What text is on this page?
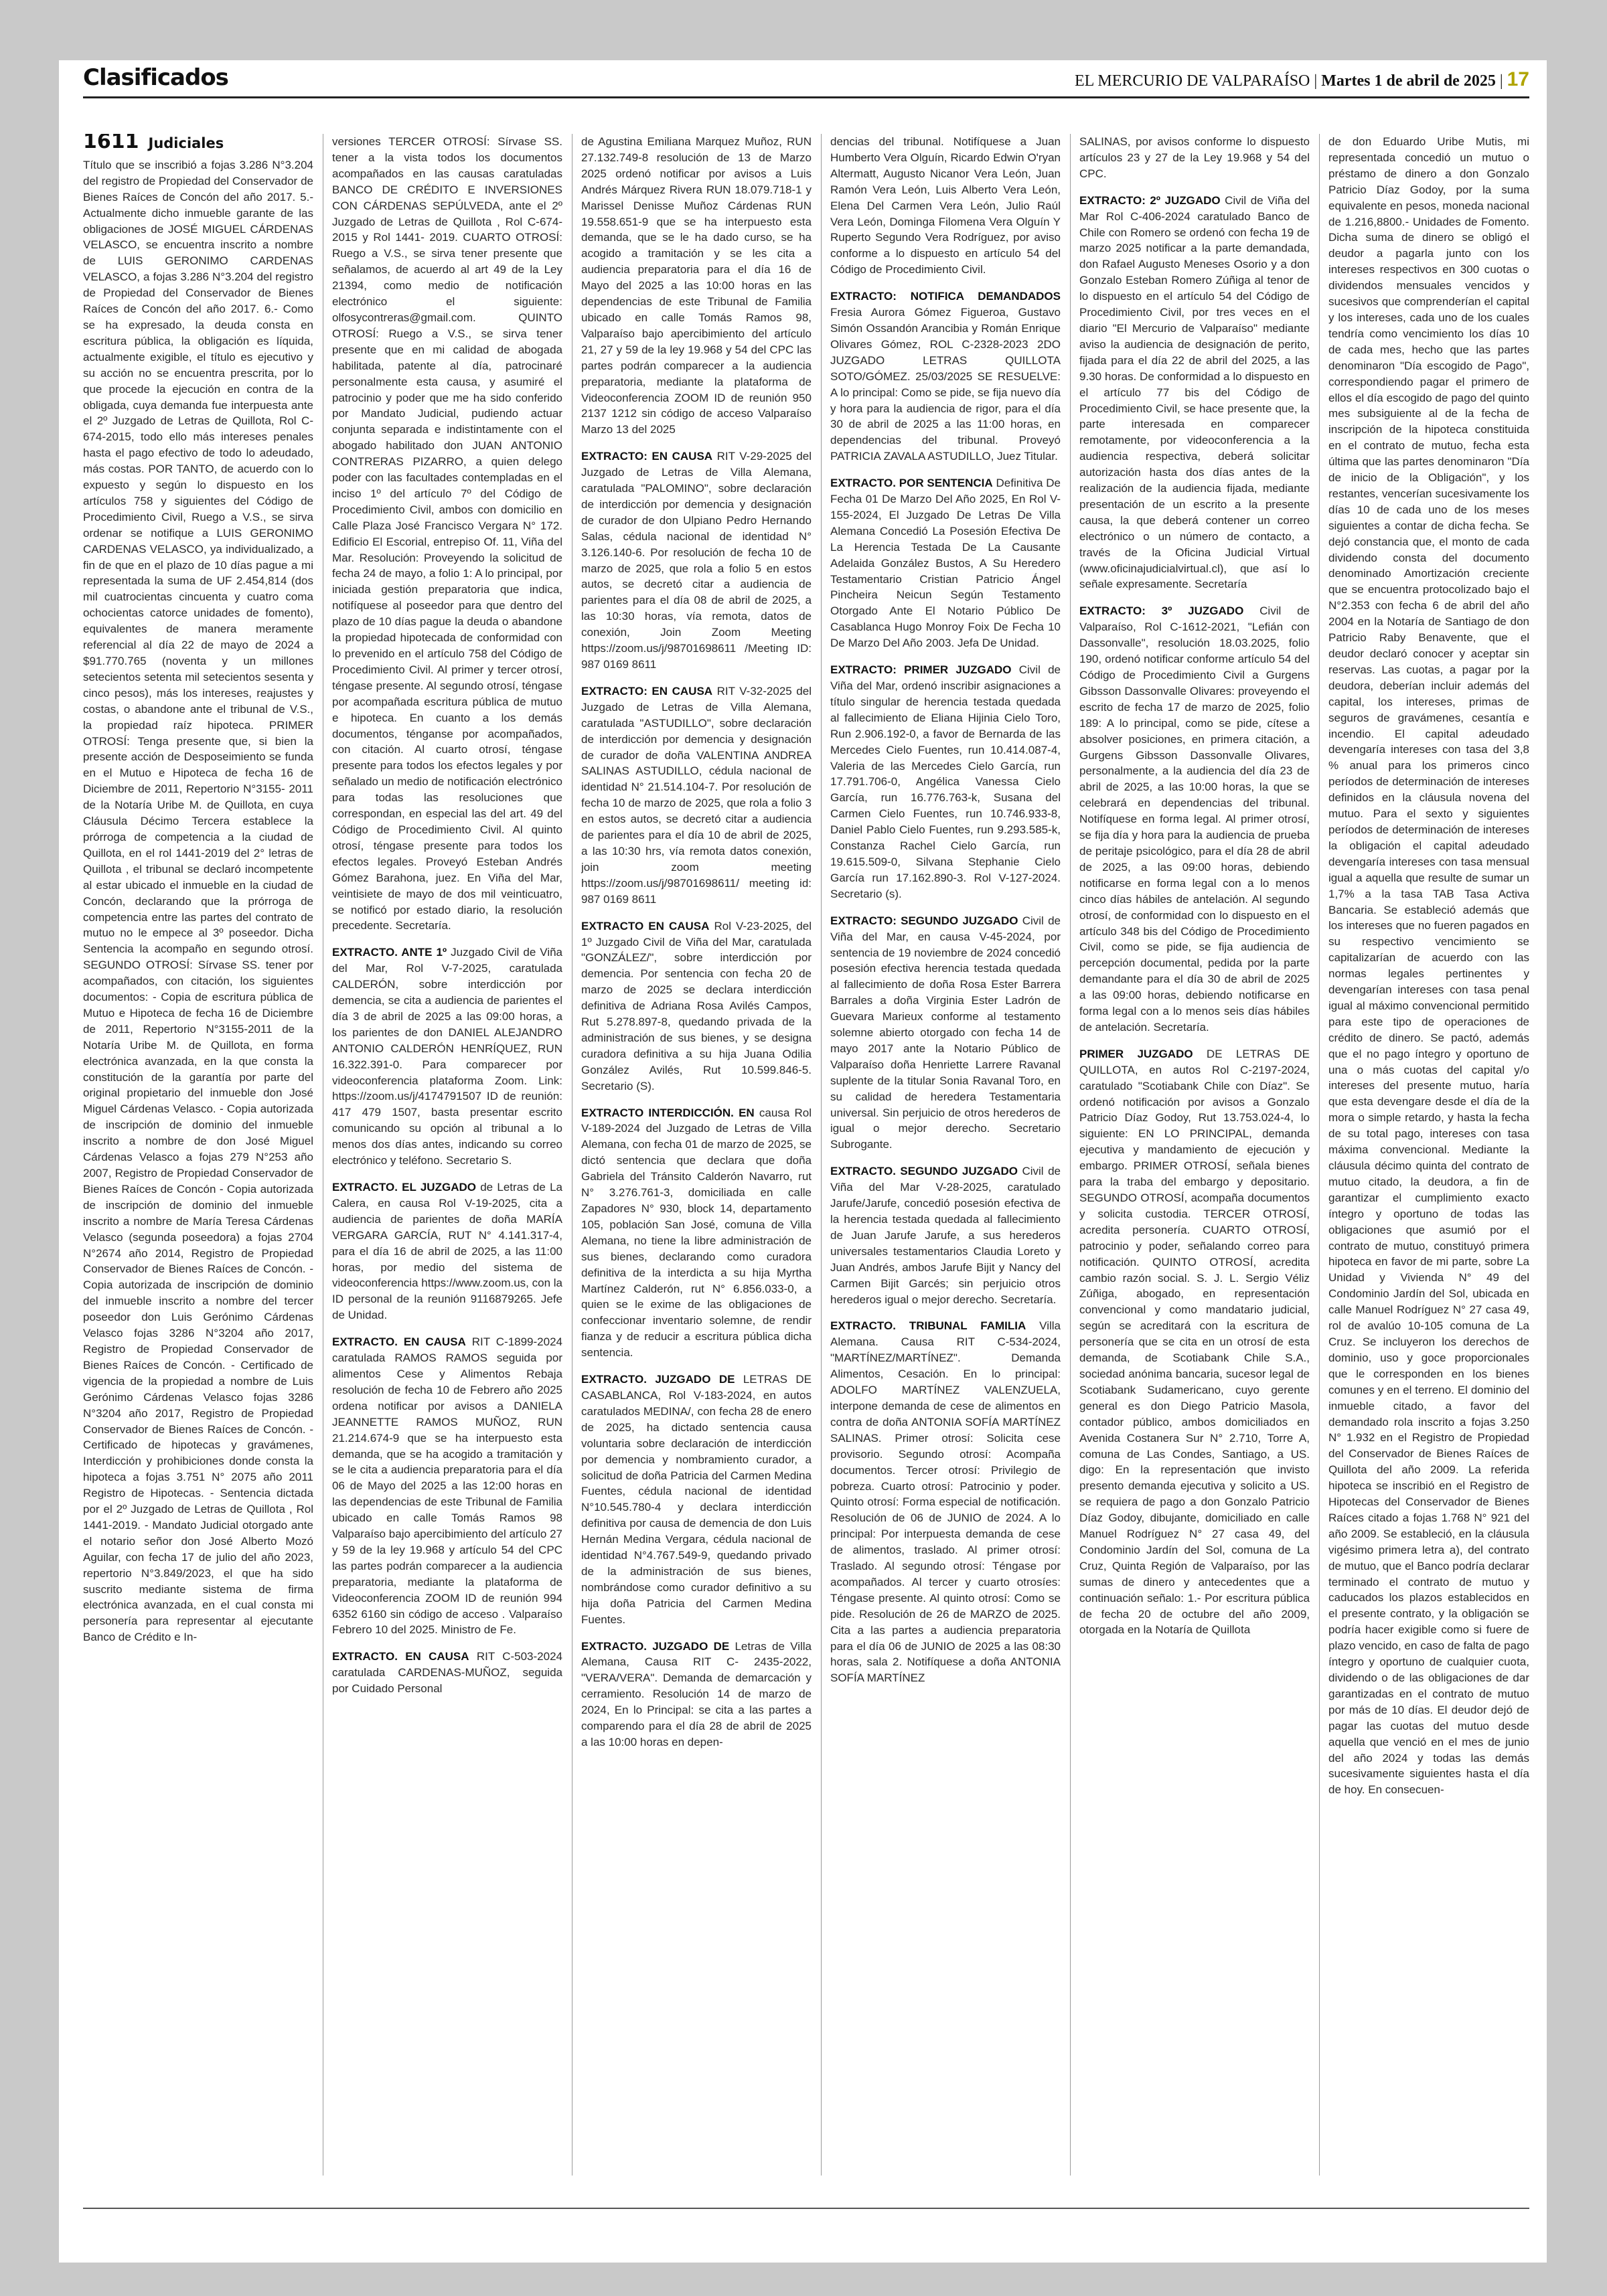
Clasificados	EL MERCURIO DE VALPARAÍSO | Martes 1 de abril de 2025 | 17
1611 Judiciales

Título que se inscribió a fojas 3.286 N°3.204 del registro de Propiedad del Conservador de Bienes Raíces de Concón del año 2017. 5.- Actualmente dicho inmueble garante de las obligaciones de JOSÉ MIGUEL CÁRDENAS VELASCO, se encuentra inscrito a nombre de LUIS GERONIMO CARDENAS VELASCO, a fojas 3.286 N°3.204 del registro de Propiedad del Conservador de Bienes Raíces de Concón del año 2017. 6.- Como se ha expresado, la deuda consta en escritura pública, la obligación es líquida, actualmente exigible, el título es ejecutivo y su acción no se encuentra prescrita, por lo que procede la ejecución en contra de la obligada, cuya demanda fue interpuesta ante el 2º Juzgado de Letras de Quillota, Rol C-674-2015, todo ello más intereses penales hasta el pago efectivo de todo lo adeudado, más costas. POR TANTO, de acuerdo con lo expuesto y según lo dispuesto en los artículos 758 y siguientes del Código de Procedimiento Civil, Ruego a V.S., se sirva ordenar se notifique a LUIS GERONIMO CARDENAS VELASCO, ya individualizado, a fin de que en el plazo de 10 días pague a mi representada la suma de UF 2.454,814 (dos mil cuatrocientas cincuenta y cuatro coma ochocientas catorce unidades de fomento), equivalentes de manera meramente referencial al día 22 de mayo de 2024 a $91.770.765 (noventa y un millones setecientos setenta mil setecientos sesenta y cinco pesos), más los intereses, reajustes y costas, o abandone ante el tribunal de V.S., la propiedad raíz hipoteca. PRIMER OTROSÍ: Tenga presente que, si bien la presente acción de Desposeimiento se funda en el Mutuo e Hipoteca de fecha 16 de Diciembre de 2011, Repertorio N°3155- 2011 de la Notaría Uribe M. de Quillota, en cuya Cláusula Décimo Tercera establece la prórroga de competencia a la ciudad de Quillota, en el rol 1441-2019 del 2° letras de Quillota , el tribunal se declaró incompetente al estar ubicado el inmueble en la ciudad de Concón, declarando que la prórroga de competencia entre las partes del contrato de mutuo no le empece al 3º poseedor. Dicha Sentencia la acompaño en segundo otrosí. SEGUNDO OTROSÍ: Sírvase SS. tener por acompañados, con citación, los siguientes documentos: - Copia de escritura pública de Mutuo e Hipoteca de fecha 16 de Diciembre de 2011, Repertorio N°3155-2011 de la Notaría Uribe M. de Quillota, en forma electrónica avanzada, en la que consta la constitución de la garantía por parte del original propietario del inmueble don José Miguel Cárdenas Velasco. - Copia autorizada de inscripción de dominio del inmueble inscrito a nombre de don José Miguel Cárdenas Velasco a fojas 279 N°253 año 2007, Registro de Propiedad Conservador de Bienes Raíces de Concón - Copia autorizada de inscripción de dominio del inmueble inscrito a nombre de María Teresa Cárdenas Velasco (segunda poseedora) a fojas 2704 N°2674 año 2014, Registro de Propiedad Conservador de Bienes Raíces de Concón. - Copia autorizada de inscripción de dominio del inmueble inscrito a nombre del tercer poseedor don Luis Gerónimo Cárdenas Velasco fojas 3286 N°3204 año 2017, Registro de Propiedad Conservador de Bienes Raíces de Concón. - Certificado de vigencia de la propiedad a nombre de Luis Gerónimo Cárdenas Velasco fojas 3286 N°3204 año 2017, Registro de Propiedad Conservador de Bienes Raíces de Concón. - Certificado de hipotecas y gravámenes, Interdicción y prohibiciones donde consta la hipoteca a fojas 3.751 N° 2075 año 2011 Registro de Hipotecas. - Sentencia dictada por el 2º Juzgado de Letras de Quillota , Rol 1441-2019. - Mandato Judicial otorgado ante el notario señor don José Alberto Mozó Aguilar, con fecha 17 de julio del año 2023, repertorio N°3.849/2023, el que ha sido suscrito mediante sistema de firma electrónica avanzada, en el cual consta mi personería para representar al ejecutante Banco de Crédito e In-

versiones TERCER OTROSÍ: Sírvase SS. tener a la vista todos los documentos acompañados en las causas caratuladas BANCO DE CRÉDITO E INVERSIONES CON CÁRDENAS SEPÚLVEDA, ante el 2º Juzgado de Letras de Quillota , Rol C-674-2015 y Rol 1441- 2019. CUARTO OTROSÍ: Ruego a V.S., se sirva tener presente que señalamos, de acuerdo al art 49 de la Ley 21394, como medio de notificación electrónico el siguiente: olfosycontreras@gmail.com. QUINTO OTROSÍ: Ruego a V.S., se sirva tener presente que en mi calidad de abogada habilitada, patente al día, patrocinaré personalmente esta causa, y asumiré el patrocinio y poder que me ha sido conferido por Mandato Judicial, pudiendo actuar conjunta separada e indistintamente con el abogado habilitado don JUAN ANTONIO CONTRERAS PIZARRO, a quien delego poder con las facultades contempladas en el inciso 1º del artículo 7º del Código de Procedimiento Civil, ambos con domicilio en Calle Plaza José Francisco Vergara N° 172. Edificio El Escorial, entrepiso Of. 11, Viña del Mar. Resolución: Proveyendo la solicitud de fecha 24 de mayo, a folio 1: A lo principal, por iniciada gestión preparatoria que indica, notifíquese al poseedor para que dentro del plazo de 10 días pague la deuda o abandone la propiedad hipotecada de conformidad con lo prevenido en el artículo 758 del Código de Procedimiento Civil. Al primer y tercer otrosí, téngase presente. Al segundo otrosí, téngase por acompañada escritura pública de mutuo e hipoteca. En cuanto a los demás documentos, ténganse por acompañados, con citación. Al cuarto otrosí, téngase presente para todos los efectos legales y por señalado un medio de notificación electrónico para todas las resoluciones que correspondan, en especial las del art. 49 del Código de Procedimiento Civil. Al quinto otrosí, téngase presente para todos los efectos legales. Proveyó Esteban Andrés Gómez Barahona, juez. En Viña del Mar, veintisiete de mayo de dos mil veinticuatro, se notificó por estado diario, la resolución precedente. Secretaría.

EXTRACTO. ANTE 1º Juzgado Civil de Viña del Mar, Rol V-7-2025, caratulada CALDERÓN, sobre interdicción por demencia, se cita a audiencia de parientes el día 3 de abril de 2025 a las 09:00 horas, a los parientes de don DANIEL ALEJANDRO ANTONIO CALDERÓN HENRÍQUEZ, RUN 16.322.391-0. Para comparecer por videoconferencia plataforma Zoom. Link: https://zoom.us/j/4174791507 ID de reunión: 417 479 1507, basta presentar escrito comunicando su opción al tribunal a lo menos dos días antes, indicando su correo electrónico y teléfono. Secretario S.

EXTRACTO. EL JUZGADO de Letras de La Calera, en causa Rol V-19-2025, cita a audiencia de parientes de doña MARÍA VERGARA GARCÍA, RUT N° 4.141.317-4, para el día 16 de abril de 2025, a las 11:00 horas, por medio del sistema de videoconferencia https://www.zoom.us, con la ID personal de la reunión 9116879265. Jefe de Unidad.

EXTRACTO. EN CAUSA RIT C-1899-2024 caratulada RAMOS RAMOS seguida por alimentos Cese y Alimentos Rebaja resolución de fecha 10 de Febrero año 2025 ordena notificar por avisos a DANIELA JEANNETTE RAMOS MUÑOZ, RUN 21.214.674-9 que se ha interpuesto esta demanda, que se ha acogido a tramitación y se le cita a audiencia preparatoria para el día 06 de Mayo del 2025 a las 12:00 horas en las dependencias de este Tribunal de Familia ubicado en calle Tomás Ramos 98 Valparaíso bajo apercibimiento del artículo 27 y 59 de la ley 19.968 y artículo 54 del CPC las partes podrán comparecer a la audiencia preparatoria, mediante la plataforma de Videoconferencia ZOOM ID de reunión 994 6352 6160 sin código de acceso . Valparaíso Febrero 10 del 2025. Ministro de Fe.

EXTRACTO. EN CAUSA RIT C-503-2024 caratulada CARDENAS-MUÑOZ, seguida por Cuidado Personal

de Agustina Emiliana Marquez Muñoz, RUN 27.132.749-8 resolución de 13 de Marzo 2025 ordenó notificar por avisos a Luis Andrés Márquez Rivera RUN 18.079.718-1 y Marissel Denisse Muñoz Cárdenas RUN 19.558.651-9 que se ha interpuesto esta demanda, que se le ha dado curso, se ha acogido a tramitación y se les cita a audiencia preparatoria para el día 16 de Mayo del 2025 a las 10:00 horas en las dependencias de este Tribunal de Familia ubicado en calle Tomás Ramos 98, Valparaíso bajo apercibimiento del artículo 21, 27 y 59 de la ley 19.968 y 54 del CPC las partes podrán comparecer a la audiencia preparatoria, mediante la plataforma de Videoconferencia ZOOM ID de reunión 950 2137 1212 sin código de acceso Valparaíso Marzo 13 del 2025

EXTRACTO: EN CAUSA RIT V-29-2025 del Juzgado de Letras de Villa Alemana, caratulada "PALOMINO", sobre declaración de interdicción por demencia y designación de curador de don Ulpiano Pedro Hernando Salas, cédula nacional de identidad N° 3.126.140-6. Por resolución de fecha 10 de marzo de 2025, que rola a folio 5 en estos autos, se decretó citar a audiencia de parientes para el día 08 de abril de 2025, a las 10:30 horas, vía remota, datos de conexión, Join Zoom Meeting https://zoom.us/j/98701698611 /Meeting ID: 987 0169 8611

EXTRACTO: EN CAUSA RIT V-32-2025 del Juzgado de Letras de Villa Alemana, caratulada "ASTUDILLO", sobre declaración de interdicción por demencia y designación de curador de doña VALENTINA ANDREA SALINAS ASTUDILLO, cédula nacional de identidad N° 21.514.104-7. Por resolución de fecha 10 de marzo de 2025, que rola a folio 3 en estos autos, se decretó citar a audiencia de parientes para el día 10 de abril de 2025, a las 10:30 hrs, vía remota datos conexión, join zoom meeting https://zoom.us/j/98701698611/ meeting id: 987 0169 8611

EXTRACTO EN CAUSA Rol V-23-2025, del 1º Juzgado Civil de Viña del Mar, caratulada "GONZÁLEZ/", sobre interdicción por demencia. Por sentencia con fecha 20 de marzo de 2025 se declara interdicción definitiva de Adriana Rosa Avilés Campos, Rut 5.278.897-8, quedando privada de la administración de sus bienes, y se designa curadora definitiva a su hija Juana Odilia González Avilés, Rut 10.599.846-5. Secretario (S).

EXTRACTO INTERDICCIÓN. EN causa Rol V-189-2024 del Juzgado de Letras de Villa Alemana, con fecha 01 de marzo de 2025, se dictó sentencia que declara que doña Gabriela del Tránsito Calderón Navarro, rut N° 3.276.761-3, domiciliada en calle Zapadores N° 930, block 14, departamento 105, población San José, comuna de Villa Alemana, no tiene la libre administración de sus bienes, declarando como curadora definitiva de la interdicta a su hija Myrtha Martínez Calderón, rut N° 6.856.033-0, a quien se le exime de las obligaciones de confeccionar inventario solemne, de rendir fianza y de reducir a escritura pública dicha sentencia.

EXTRACTO. JUZGADO DE LETRAS DE CASABLANCA, Rol V-183-2024, en autos caratulados MEDINA/, con fecha 28 de enero de 2025, ha dictado sentencia causa voluntaria sobre declaración de interdicción por demencia y nombramiento curador, a solicitud de doña Patricia del Carmen Medina Fuentes, cédula nacional de identidad N°10.545.780-4 y declara interdicción definitiva por causa de demencia de don Luis Hernán Medina Vergara, cédula nacional de identidad N°4.767.549-9, quedando privado de la administración de sus bienes, nombrándose como curador definitivo a su hija doña Patricia del Carmen Medina Fuentes.

EXTRACTO. JUZGADO DE Letras de Villa Alemana, Causa RIT C- 2435-2022, "VERA/VERA". Demanda de demarcación y cerramiento. Resolución 14 de marzo de 2024, En lo Principal: se cita a las partes a comparendo para el día 28 de abril de 2025 a las 10:00 horas en depen-

dencias del tribunal. Notifíquese a Juan Humberto Vera Olguín, Ricardo Edwin O'ryan Altermatt, Augusto Nicanor Vera León, Juan Ramón Vera León, Luis Alberto Vera León, Elena Del Carmen Vera León, Julio Raúl Vera León, Dominga Filomena Vera Olguín Y Ruperto Segundo Vera Rodríguez, por aviso conforme a lo dispuesto en artículo 54 del Código de Procedimiento Civil.

EXTRACTO: NOTIFICA DEMANDADOS Fresia Aurora Gómez Figueroa, Gustavo Simón Ossandón Arancibia y Román Enrique Olivares Gómez, ROL C-2328-2023 2DO JUZGADO LETRAS QUILLOTA SOTO/GÓMEZ. 25/03/2025 SE RESUELVE: A lo principal: Como se pide, se fija nuevo día y hora para la audiencia de rigor, para el día 30 de abril de 2025 a las 11:00 horas, en dependencias del tribunal. Proveyó PATRICIA ZAVALA ASTUDILLO, Juez Titular.

EXTRACTO. POR SENTENCIA Definitiva De Fecha 01 De Marzo Del Año 2025, En Rol V-155-2024, El Juzgado De Letras De Villa Alemana Concedió La Posesión Efectiva De La Herencia Testada De La Causante Adelaida González Bustos, A Su Heredero Testamentario Cristian Patricio Ángel Pincheira Neicun Según Testamento Otorgado Ante El Notario Público De Casablanca Hugo Monroy Foix De Fecha 10 De Marzo Del Año 2003. Jefa De Unidad.

EXTRACTO: PRIMER JUZGADO Civil de Viña del Mar, ordenó inscribir asignaciones a título singular de herencia testada quedada al fallecimiento de Eliana Hijinia Cielo Toro, Run 2.906.192-0, a favor de Bernarda de las Mercedes Cielo Fuentes, run 10.414.087-4, Valeria de las Mercedes Cielo García, run 17.791.706-0, Angélica Vanessa Cielo García, run 16.776.763-k, Susana del Carmen Cielo Fuentes, run 10.746.933-8, Daniel Pablo Cielo Fuentes, run 9.293.585-k, Constanza Rachel Cielo García, run 19.615.509-0, Silvana Stephanie Cielo García run 17.162.890-3. Rol V-127-2024. Secretario (s).

EXTRACTO: SEGUNDO JUZGADO Civil de Viña del Mar, en causa V-45-2024, por sentencia de 19 noviembre de 2024 concedió posesión efectiva herencia testada quedada al fallecimiento de doña Rosa Ester Barrera Barrales a doña Virginia Ester Ladrón de Guevara Marieux conforme al testamento solemne abierto otorgado con fecha 14 de mayo 2017 ante la Notario Público de Valparaíso doña Henriette Larrere Ravanal suplente de la titular Sonia Ravanal Toro, en su calidad de heredera Testamentaria universal. Sin perjuicio de otros herederos de igual o mejor derecho. Secretario Subrogante.

EXTRACTO. SEGUNDO JUZGADO Civil de Viña del Mar V-28-2025, caratulado Jarufe/Jarufe, concedió posesión efectiva de la herencia testada quedada al fallecimiento de Juan Jarufe Jarufe, a sus herederos universales testamentarios Claudia Loreto y Juan Andrés, ambos Jarufe Bijit y Nancy del Carmen Bijit Garcés; sin perjuicio otros herederos igual o mejor derecho. Secretaría.

EXTRACTO. TRIBUNAL FAMILIA Villa Alemana. Causa RIT C-534-2024, "MARTÍNEZ/MARTÍNEZ". Demanda Alimentos, Cesación. En lo principal: ADOLFO MARTÍNEZ VALENZUELA, interpone demanda de cese de alimentos en contra de doña ANTONIA SOFÍA MARTÍNEZ SALINAS. Primer otrosí: Solicita cese provisorio. Segundo otrosí: Acompaña documentos. Tercer otrosí: Privilegio de pobreza. Cuarto otrosí: Patrocinio y poder. Quinto otrosí: Forma especial de notificación. Resolución de 06 de JUNIO de 2024. A lo principal: Por interpuesta demanda de cese de alimentos, traslado. Al primer otrosí: Traslado. Al segundo otrosí: Téngase por acompañados. Al tercer y cuarto otrosíes: Téngase presente. Al quinto otrosí: Como se pide. Resolución de 26 de MARZO de 2025. Cita a las partes a audiencia preparatoria para el día 06 de JUNIO de 2025 a las 08:30 horas, sala 2. Notifíquese a doña ANTONIA SOFÍA MARTÍNEZ

SALINAS, por avisos conforme lo dispuesto artículos 23 y 27 de la Ley 19.968 y 54 del CPC.

EXTRACTO: 2º JUZGADO Civil de Viña del Mar Rol C-406-2024 caratulado Banco de Chile con Romero se ordenó con fecha 19 de marzo 2025 notificar a la parte demandada, don Rafael Augusto Meneses Osorio y a don Gonzalo Esteban Romero Zúñiga al tenor de lo dispuesto en el artículo 54 del Código de Procedimiento Civil, por tres veces en el diario "El Mercurio de Valparaíso" mediante aviso la audiencia de designación de perito, fijada para el día 22 de abril del 2025, a las 9.30 horas. De conformidad a lo dispuesto en el artículo 77 bis del Código de Procedimiento Civil, se hace presente que, la parte interesada en comparecer remotamente, por videoconferencia a la audiencia respectiva, deberá solicitar autorización hasta dos días antes de la realización de la audiencia fijada, mediante presentación de un escrito a la presente causa, la que deberá contener un correo electrónico o un número de contacto, a través de la Oficina Judicial Virtual (www.oficinajudicialvirtual.cl), que así lo señale expresamente. Secretaría

EXTRACTO: 3º JUZGADO Civil de Valparaíso, Rol C-1612-2021, "Lefián con Dassonvalle", resolución 18.03.2025, folio 190, ordenó notificar conforme artículo 54 del Código de Procedimiento Civil a Gurgens Gibsson Dassonvalle Olivares: proveyendo el escrito de fecha 17 de marzo de 2025, folio 189: A lo principal, como se pide, cítese a absolver posiciones, en primera citación, a Gurgens Gibsson Dassonvalle Olivares, personalmente, a la audiencia del día 23 de abril de 2025, a las 10:00 horas, la que se celebrará en dependencias del tribunal. Notifíquese en forma legal. Al primer otrosí, se fija día y hora para la audiencia de prueba de peritaje psicológico, para el día 28 de abril de 2025, a las 09:00 horas, debiendo notificarse en forma legal con a lo menos cinco días hábiles de antelación. Al segundo otrosí, de conformidad con lo dispuesto en el artículo 348 bis del Código de Procedimiento Civil, como se pide, se fija audiencia de percepción documental, pedida por la parte demandante para el día 30 de abril de 2025 a las 09:00 horas, debiendo notificarse en forma legal con a lo menos seis días hábiles de antelación. Secretaría.

PRIMER JUZGADO DE LETRAS DE QUILLOTA, en autos Rol C-2197-2024, caratulado "Scotiabank Chile con Díaz". Se ordenó notificación por avisos a Gonzalo Patricio Díaz Godoy, Rut 13.753.024-4, lo siguiente: EN LO PRINCIPAL, demanda ejecutiva y mandamiento de ejecución y embargo. PRIMER OTROSÍ, señala bienes para la traba del embargo y depositario. SEGUNDO OTROSÍ, acompaña documentos y solicita custodia. TERCER OTROSÍ, acredita personería. CUARTO OTROSÍ, patrocinio y poder, señalando correo para notificación. QUINTO OTROSÍ, acredita cambio razón social. S. J. L. Sergio Véliz Zúñiga, abogado, en representación convencional y como mandatario judicial, según se acreditará con la escritura de personería que se cita en un otrosí de esta demanda, de Scotiabank Chile S.A., sociedad anónima bancaria, sucesor legal de Scotiabank Sudamericano, cuyo gerente general es don Diego Patricio Masola, contador público, ambos domiciliados en Avenida Costanera Sur N° 2.710, Torre A, comuna de Las Condes, Santiago, a US. digo: En la representación que invisto presento demanda ejecutiva y solicito a US. se requiera de pago a don Gonzalo Patricio Díaz Godoy, dibujante, domiciliado en calle Manuel Rodríguez N° 27 casa 49, del Condominio Jardín del Sol, comuna de La Cruz, Quinta Región de Valparaíso, por las sumas de dinero y antecedentes que a continuación señalo: 1.- Por escritura pública de fecha 20 de octubre del año 2009, otorgada en la Notaría de Quillota

de don Eduardo Uribe Mutis, mi representada concedió un mutuo o préstamo de dinero a don Gonzalo Patricio Díaz Godoy, por la suma equivalente en pesos, moneda nacional de 1.216,8800.- Unidades de Fomento. Dicha suma de dinero se obligó el deudor a pagarla junto con los intereses respectivos en 300 cuotas o dividendos mensuales vencidos y sucesivos que comprenderían el capital y los intereses, cada uno de los cuales tendría como vencimiento los días 10 de cada mes, hecho que las partes denominaron "Día escogido de Pago", correspondiendo pagar el primero de ellos el día escogido de pago del quinto mes subsiguiente al de la fecha de inscripción de la hipoteca constituida en el contrato de mutuo, fecha esta última que las partes denominaron "Día de inicio de la Obligación", y los restantes, vencerían sucesivamente los días 10 de cada uno de los meses siguientes a contar de dicha fecha. Se dejó constancia que, el monto de cada dividendo consta del documento denominado Amortización creciente que se encuentra protocolizado bajo el N°2.353 con fecha 6 de abril del año 2004 en la Notaría de Santiago de don Patricio Raby Benavente, que el deudor declaró conocer y aceptar sin reservas. Las cuotas, a pagar por la deudora, deberían incluir además del capital, los intereses, primas de seguros de gravámenes, cesantía e incendio. El capital adeudado devengaría intereses con tasa del 3,8 % anual para los primeros cinco períodos de determinación de intereses definidos en la cláusula novena del mutuo. Para el sexto y siguientes períodos de determinación de intereses la obligación el capital adeudado devengaría intereses con tasa mensual igual a aquella que resulte de sumar un 1,7% a la tasa TAB Tasa Activa Bancaria. Se estableció además que los intereses que no fueren pagados en su respectivo vencimiento se capitalizarían de acuerdo con las normas legales pertinentes y devengarían intereses con tasa penal igual al máximo convencional permitido para este tipo de operaciones de crédito de dinero. Se pactó, además que el no pago íntegro y oportuno de una o más cuotas del capital y/o intereses del presente mutuo, haría que esta devengare desde el día de la mora o simple retardo, y hasta la fecha de su total pago, intereses con tasa máxima convencional. Mediante la cláusula décimo quinta del contrato de mutuo citado, la deudora, a fin de garantizar el cumplimiento exacto íntegro y oportuno de todas las obligaciones que asumió por el contrato de mutuo, constituyó primera hipoteca en favor de mi parte, sobre La Unidad y Vivienda N° 49 del Condominio Jardín del Sol, ubicada en calle Manuel Rodríguez N° 27 casa 49, rol de avalúo 10-105 comuna de La Cruz. Se incluyeron los derechos de dominio, uso y goce proporcionales que le corresponden en los bienes comunes y en el terreno. El dominio del inmueble citado, a favor del demandado rola inscrito a fojas 3.250 N° 1.932 en el Registro de Propiedad del Conservador de Bienes Raíces de Quillota del año 2009. La referida hipoteca se inscribió en el Registro de Hipotecas del Conservador de Bienes Raíces citado a fojas 1.768 N° 921 del año 2009. Se estableció, en la cláusula vigésimo primera letra a), del contrato de mutuo, que el Banco podría declarar terminado el contrato de mutuo y caducados los plazos establecidos en el presente contrato, y la obligación se podría hacer exigible como si fuere de plazo vencido, en caso de falta de pago íntegro y oportuno de cualquier cuota, dividendo o de las obligaciones de dar garantizadas en el contrato de mutuo por más de 10 días. El deudor dejó de pagar las cuotas del mutuo desde aquella que venció en el mes de junio del año 2024 y todas las demás sucesivamente siguientes hasta el día de hoy. En consecuen-
